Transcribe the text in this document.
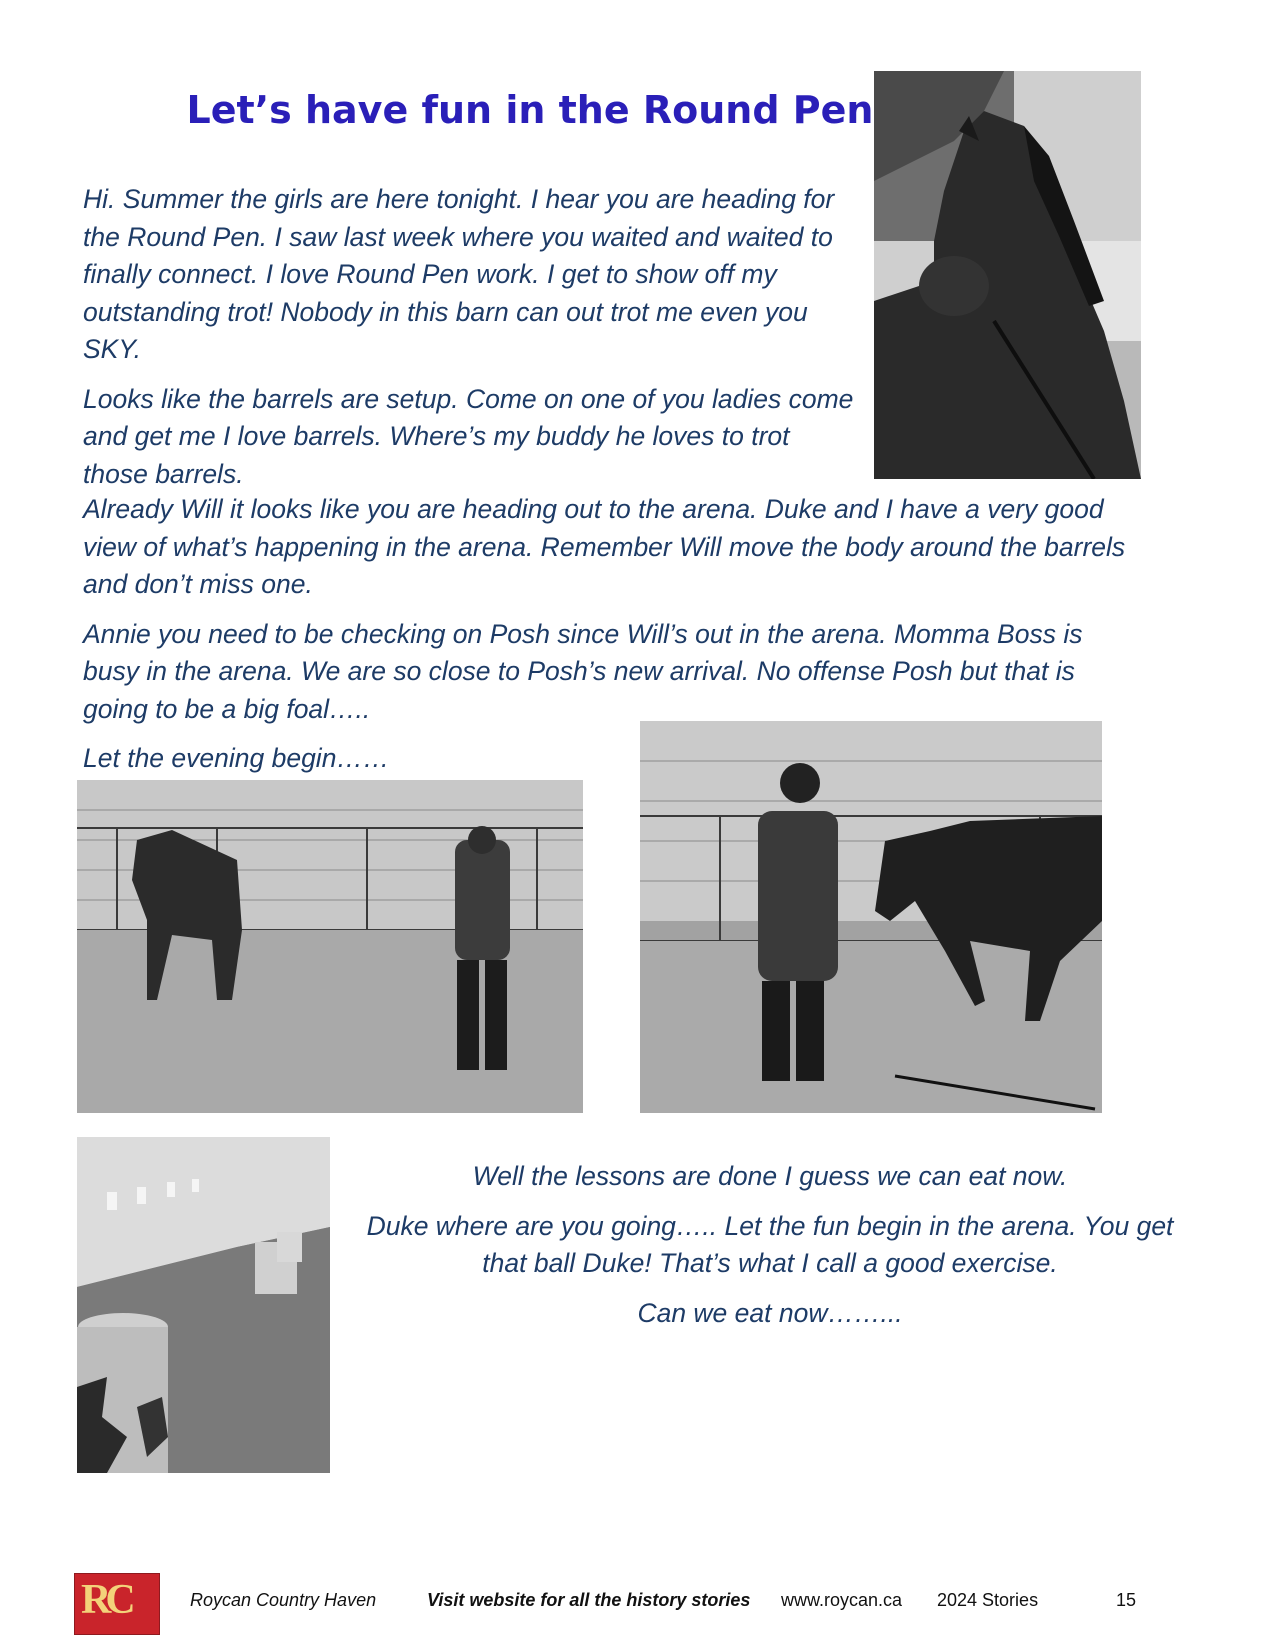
Let’s have fun in the Round Pen

Hi. Summer the girls are here tonight. I hear you are heading for the Round Pen. I saw last week where you waited and waited to finally connect. I love Round Pen work. I get to show off my outstanding trot! Nobody in this barn can out trot me even you SKY.

Looks like the barrels are setup. Come on one of you ladies come and get me I love barrels. Where’s my buddy he loves to trot those barrels.

Already Will it looks like you are heading out to the arena. Duke and I have a very good view of what’s happening in the arena. Remember Will move the body around the barrels and don’t miss one.

Annie you need to be checking on Posh since Will’s out in the arena. Momma Boss is busy in the arena. We are so close to Posh’s new arrival. No offense Posh but that is going to be a big foal…..

Let the evening begin……

Well the lessons are done I guess we can eat now.

Duke where are you going….. Let the fun begin in the arena. You get that ball Duke! That’s what I call a good exercise.

Can we eat now……...

RC	Roycan Country Haven	Visit website for all the history stories www.roycan.ca 2024 Stories	15
